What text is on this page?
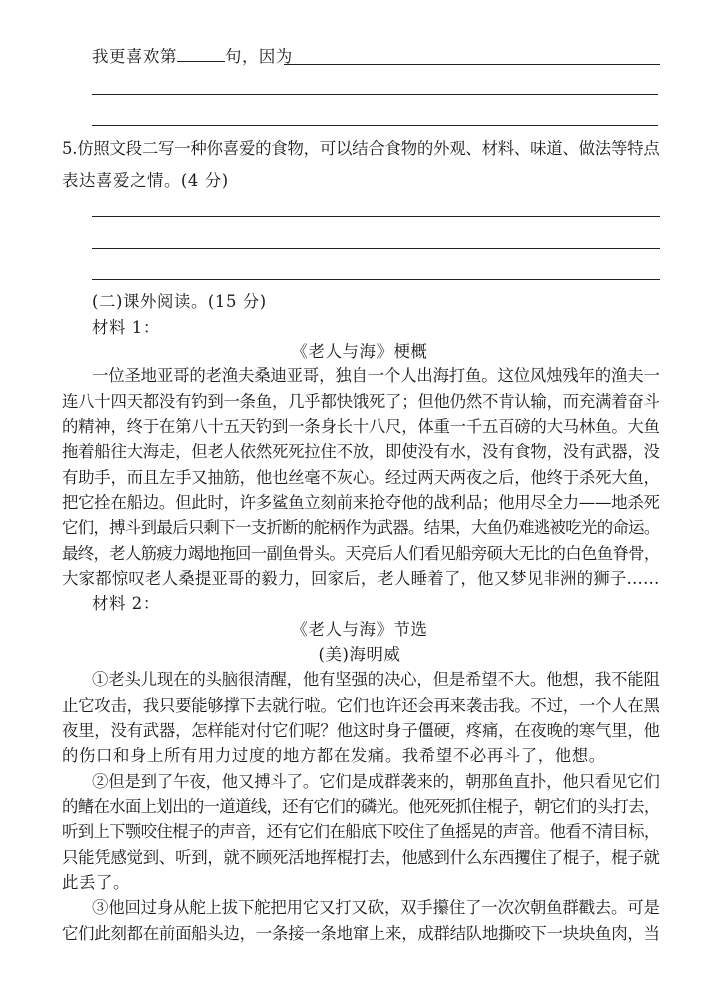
我更喜欢第	句，因为
5.仿照文段二写一种你喜爱的食物，可以结合食物的外观、材料、味道、做法等特点
表达喜爱之情。(4 分)
(二)课外阅读。(15 分)
材料 1：
《老人与海》梗概
一位圣地亚哥的老渔夫桑迪亚哥，独自一个人出海打鱼。这位风烛残年的渔夫一
连八十四天都没有钓到一条鱼，几乎都快饿死了；但他仍然不肯认输，而充满着奋斗
的精神，终于在第八十五天钓到一条身长十八尺，体重一千五百磅的大马林鱼。大鱼
拖着船往大海走，但老人依然死死拉住不放，即使没有水，没有食物，没有武器，没
有助手，而且左手又抽筋，他也丝毫不灰心。经过两天两夜之后，他终于杀死大鱼，
把它拴在船边。但此时，许多鲨鱼立刻前来抢夺他的战利品；他用尽全力——地杀死
它们，搏斗到最后只剩下一支折断的舵柄作为武器。结果，大鱼仍难逃被吃光的命运。
最终，老人筋疲力竭地拖回一副鱼骨头。天亮后人们看见船旁硕大无比的白色鱼脊骨，
大家都惊叹老人桑提亚哥的毅力，回家后，老人睡着了，他又梦见非洲的狮子……
材料 2：
《老人与海》节选
(美)海明威
①老头儿现在的头脑很清醒，他有坚强的决心，但是希望不大。他想，我不能阻
止它攻击，我只要能够撑下去就行啦。它们也许还会再来袭击我。不过，一个人在黑
夜里，没有武器，怎样能对付它们呢？他这时身子僵硬，疼痛，在夜晚的寒气里，他
的伤口和身上所有用力过度的地方都在发痛。我希望不必再斗了，他想。
②但是到了午夜，他又搏斗了。它们是成群袭来的，朝那鱼直扑，他只看见它们
的鳍在水面上划出的一道道线，还有它们的磷光。他死死抓住棍子，朝它们的头打去，
听到上下颚咬住棍子的声音，还有它们在船底下咬住了鱼摇晃的声音。他看不清目标，
只能凭感觉到、听到，就不顾死活地挥棍打去，他感到什么东西攫住了棍子，棍子就
此丢了。
③他回过身从舵上拔下舵把用它又打又砍，双手攥住了一次次朝鱼群戳去。可是
它们此刻都在前面船头边，一条接一条地窜上来，成群结队地撕咬下一块块鱼肉，当
